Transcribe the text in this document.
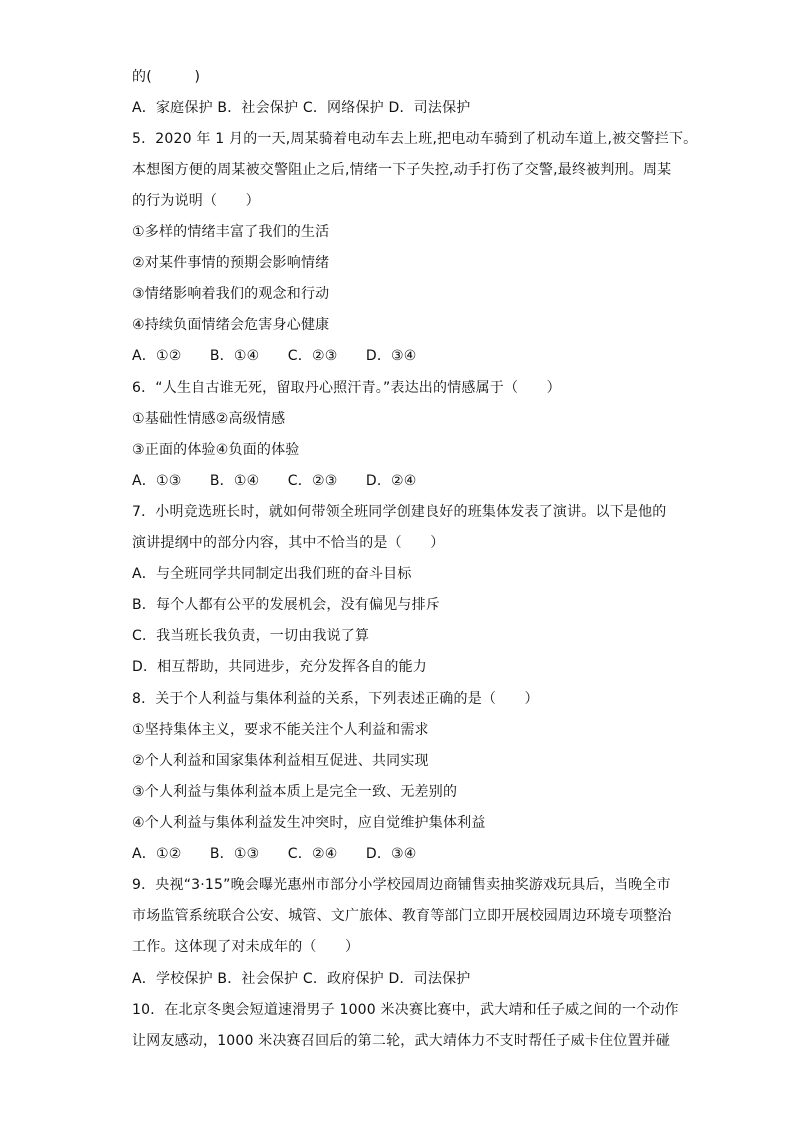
的(　　　)
A．家庭保护 B．社会保护 C．网络保护 D．司法保护
5．2020 年 1 月的一天,周某骑着电动车去上班,把电动车骑到了机动车道上,被交警拦下。
本想图方便的周某被交警阻止之后,情绪一下子失控,动手打伤了交警,最终被判刑。周某
的行为说明（　　）
①多样的情绪丰富了我们的生活
②对某件事情的预期会影响情绪
③情绪影响着我们的观念和行动
④持续负面情绪会危害身心健康
A．①②　　B．①④　　C．②③　　D．③④
6．“人生自古谁无死，留取丹心照汗青。”表达出的情感属于（　　）
①基础性情感②高级情感
③正面的体验④负面的体验
A．①③　　B．①④　　C．②③　　D．②④
7．小明竞选班长时，就如何带领全班同学创建良好的班集体发表了演讲。以下是他的
演讲提纲中的部分内容，其中不恰当的是（　　）
A．与全班同学共同制定出我们班的奋斗目标
B．每个人都有公平的发展机会，没有偏见与排斥
C．我当班长我负责，一切由我说了算
D．相互帮助，共同进步，充分发挥各自的能力
8．关于个人利益与集体利益的关系，下列表述正确的是（　　）
①坚持集体主义，要求不能关注个人利益和需求
②个人利益和国家集体利益相互促进、共同实现
③个人利益与集体利益本质上是完全一致、无差别的
④个人利益与集体利益发生冲突时，应自觉维护集体利益
A．①②　　B．①③　　C．②④　　D．③④
9．央视“3·15”晚会曝光惠州市部分小学校园周边商铺售卖抽奖游戏玩具后，当晚全市
市场监管系统联合公安、城管、文广旅体、教育等部门立即开展校园周边环境专项整治
工作。这体现了对未成年的（　　）
A．学校保护 B．社会保护 C．政府保护 D．司法保护
10．在北京冬奥会短道速滑男子 1000 米决赛比赛中，武大靖和任子威之间的一个动作
让网友感动，1000 米决赛召回后的第二轮，武大靖体力不支时帮任子威卡住位置并碰
